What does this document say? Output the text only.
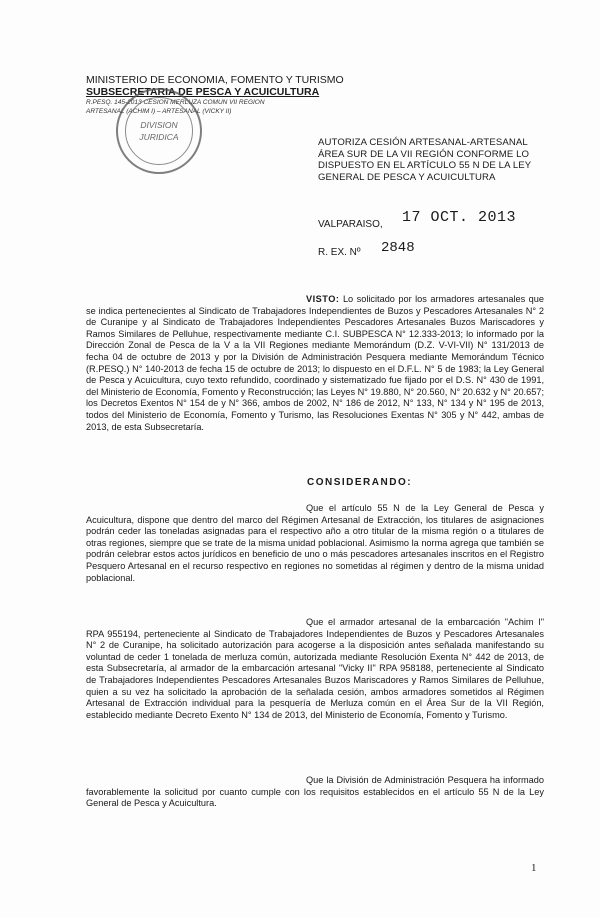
MINISTERIO DE ECONOMIA, FOMENTO Y TURISMO
SUBSECRETARIA DE PESCA Y ACUICULTURA
R.PESQ. 145-2013 CESION MERLUZA COMUN VII REGION
ARTESANAL (ACHIM I) – ARTESANAL (VICKY II)
DIVISION
JURIDICA	AUTORIZA CESIÓN ARTESANAL-ARTESANAL
ÁREA SUR DE LA VII REGIÓN CONFORME LO
DISPUESTO EN EL ARTÍCULO 55 N DE LA LEY
GENERAL DE PESCA Y ACUICULTURA
VALPARAISO, 17 OCT. 2013
R. EX. Nº 2848
VISTO: Lo solicitado por los armadores artesanales que se indica pertenecientes al Sindicato de Trabajadores Independientes de Buzos y Pescadores Artesanales N° 2 de Curanipe y al Sindicato de Trabajadores Independientes Pescadores Artesanales Buzos Mariscadores y Ramos Similares de Pelluhue, respectivamente mediante C.I. SUBPESCA N° 12.333-2013; lo informado por la Dirección Zonal de Pesca de la V a la VII Regiones mediante Memorándum (D.Z. V-VI-VII) N° 131/2013 de fecha 04 de octubre de 2013 y por la División de Administración Pesquera mediante Memorándum Técnico (R.PESQ.) N° 140-2013 de fecha 15 de octubre de 2013; lo dispuesto en el D.F.L. N° 5 de 1983; la Ley General de Pesca y Acuicultura, cuyo texto refundido, coordinado y sistematizado fue fijado por el D.S. N° 430 de 1991, del Ministerio de Economía, Fomento y Reconstrucción; las Leyes N° 19.880, N° 20.560, N° 20.632 y N° 20.657; los Decretos Exentos N° 154 de y N° 366, ambos de 2002, N° 186 de 2012, N° 133, N° 134 y N° 195 de 2013, todos del Ministerio de Economía, Fomento y Turismo, las Resoluciones Exentas N° 305 y N° 442, ambas de 2013, de esta Subsecretaría.
CONSIDERANDO:
Que el artículo 55 N de la Ley General de Pesca y Acuicultura, dispone que dentro del marco del Régimen Artesanal de Extracción, los titulares de asignaciones podrán ceder las toneladas asignadas para el respectivo año a otro titular de la misma región o a titulares de otras regiones, siempre que se trate de la misma unidad poblacional. Asimismo la norma agrega que también se podrán celebrar estos actos jurídicos en beneficio de uno o más pescadores artesanales inscritos en el Registro Pesquero Artesanal en el recurso respectivo en regiones no sometidas al régimen y dentro de la misma unidad poblacional.
Que el armador artesanal de la embarcación "Achim I" RPA 955194, perteneciente al Sindicato de Trabajadores Independientes de Buzos y Pescadores Artesanales N° 2 de Curanipe, ha solicitado autorización para acogerse a la disposición antes señalada manifestando su voluntad de ceder 1 tonelada de merluza común, autorizada mediante Resolución Exenta N° 442 de 2013, de esta Subsecretaría, al armador de la embarcación artesanal "Vicky II" RPA 958188, perteneciente al Sindicato de Trabajadores Independientes Pescadores Artesanales Buzos Mariscadores y Ramos Similares de Pelluhue, quien a su vez ha solicitado la aprobación de la señalada cesión, ambos armadores sometidos al Régimen Artesanal de Extracción individual para la pesquería de Merluza común en el Área Sur de la VII Región, establecido mediante Decreto Exento N° 134 de 2013, del Ministerio de Economía, Fomento y Turismo.
Que la División de Administración Pesquera ha informado favorablemente la solicitud por cuanto cumple con los requisitos establecidos en el artículo 55 N de la Ley General de Pesca y Acuicultura.
1
